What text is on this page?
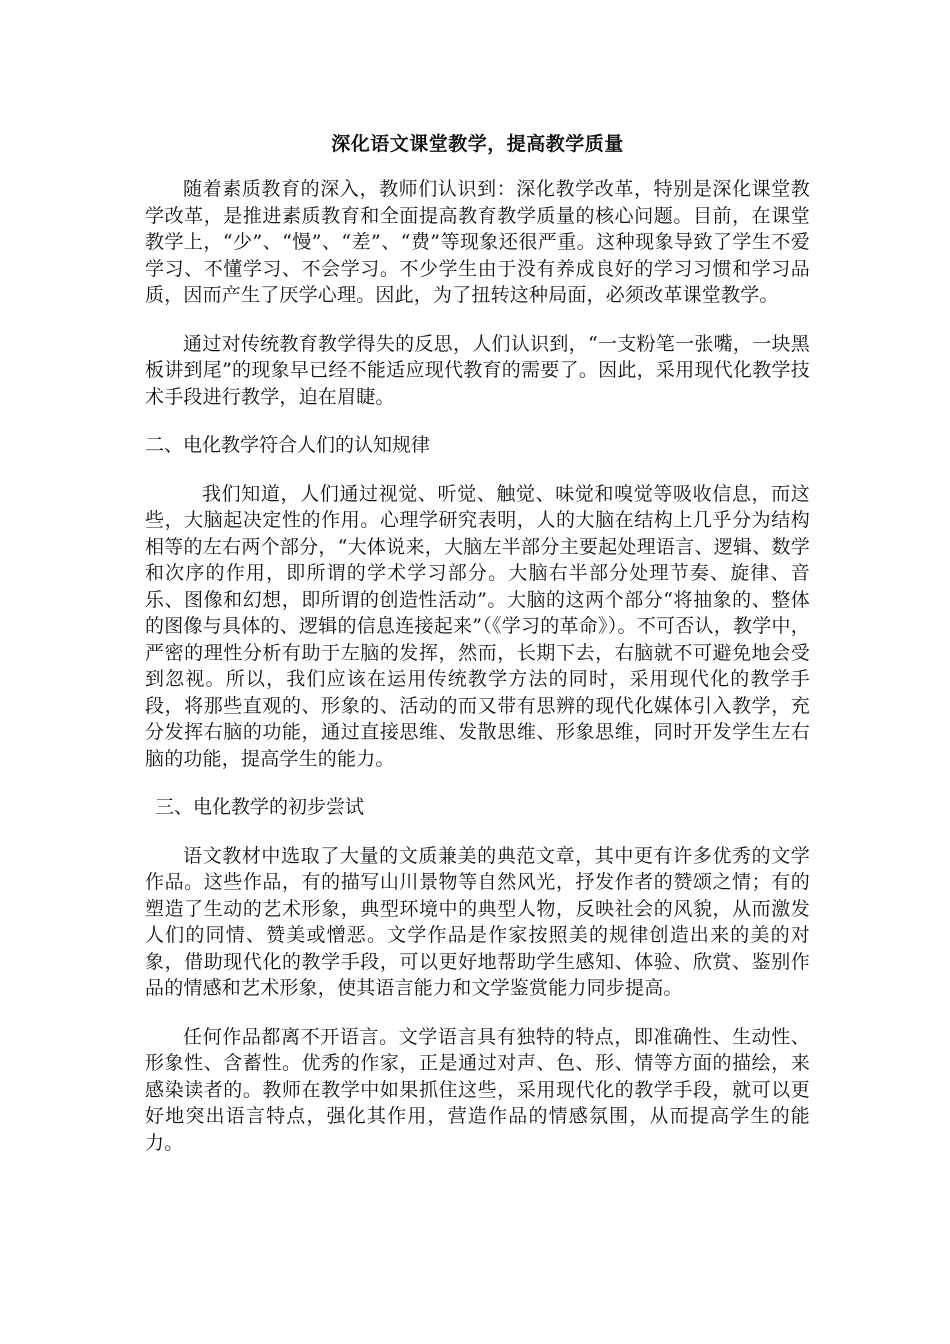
深化语文课堂教学，提高教学质量

随着素质教育的深入，教师们认识到：深化教学改革，特别是深化课堂教学改革，是推进素质教育和全面提高教育教学质量的核心问题。目前，在课堂教学上，“少”、“慢”、“差”、“费”等现象还很严重。这种现象导致了学生不爱学习、不懂学习、不会学习。不少学生由于没有养成良好的学习习惯和学习品质，因而产生了厌学心理。因此，为了扭转这种局面，必须改革课堂教学。

通过对传统教育教学得失的反思，人们认识到，“一支粉笔一张嘴，一块黑板讲到尾”的现象早已经不能适应现代教育的需要了。因此，采用现代化教学技术手段进行教学，迫在眉睫。

二、电化教学符合人们的认知规律

我们知道，人们通过视觉、听觉、触觉、味觉和嗅觉等吸收信息，而这些，大脑起决定性的作用。心理学研究表明，人的大脑在结构上几乎分为结构相等的左右两个部分，“大体说来，大脑左半部分主要起处理语言、逻辑、数学和次序的作用，即所谓的学术学习部分。大脑右半部分处理节奏、旋律、音乐、图像和幻想，即所谓的创造性活动”。大脑的这两个部分“将抽象的、整体的图像与具体的、逻辑的信息连接起来”（《学习的革命》）。不可否认，教学中，严密的理性分析有助于左脑的发挥，然而，长期下去，右脑就不可避免地会受到忽视。所以，我们应该在运用传统教学方法的同时，采用现代化的教学手段，将那些直观的、形象的、活动的而又带有思辨的现代化媒体引入教学，充分发挥右脑的功能，通过直接思维、发散思维、形象思维，同时开发学生左右脑的功能，提高学生的能力。

三、电化教学的初步尝试

语文教材中选取了大量的文质兼美的典范文章，其中更有许多优秀的文学作品。这些作品，有的描写山川景物等自然风光，抒发作者的赞颂之情；有的塑造了生动的艺术形象，典型环境中的典型人物，反映社会的风貌，从而激发人们的同情、赞美或憎恶。文学作品是作家按照美的规律创造出来的美的对象，借助现代化的教学手段，可以更好地帮助学生感知、体验、欣赏、鉴别作品的情感和艺术形象，使其语言能力和文学鉴赏能力同步提高。

任何作品都离不开语言。文学语言具有独特的特点，即准确性、生动性、形象性、含蓄性。优秀的作家，正是通过对声、色、形、情等方面的描绘，来感染读者的。教师在教学中如果抓住这些，采用现代化的教学手段，就可以更好地突出语言特点，强化其作用，营造作品的情感氛围，从而提高学生的能力。
